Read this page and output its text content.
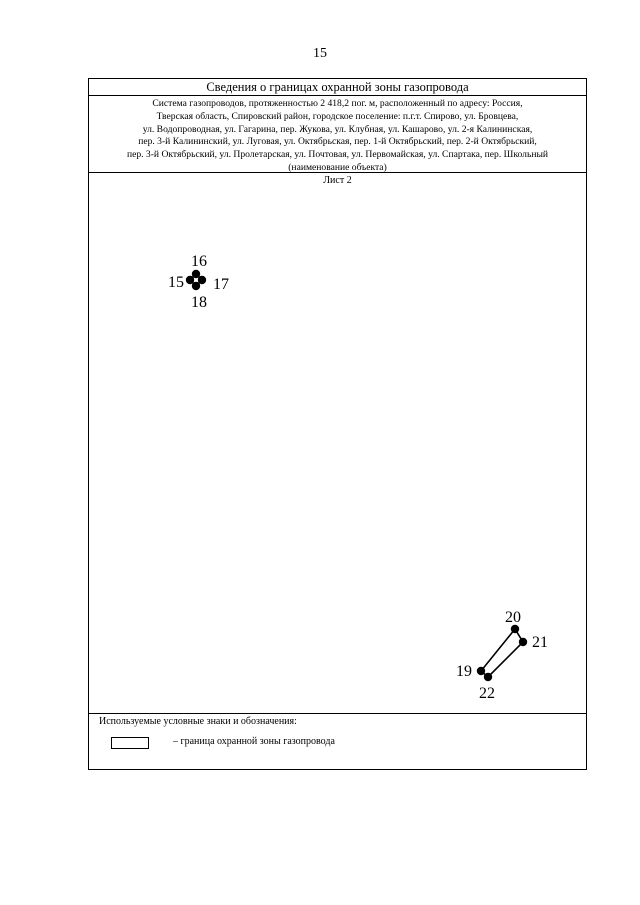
15
Сведения о границах охранной зоны газопровода
Система газопроводов, протяженностью 2 418,2 пог. м, расположенный по адресу: Россия,
Тверская область, Спировский район, городское поселение: п.г.т. Спирово, ул. Бровцева,
ул. Водопроводная, ул. Гагарина, пер. Жукова, ул. Клубная, ул. Кашарово, ул. 2-я Калининская,
пер. 3-й Калининский, ул. Луговая, ул. Октябрьская, пер. 1-й Октябрьский, пер. 2-й Октябрьский,
пер. 3-й Октябрьский, ул. Пролетарская, ул. Почтовая, ул. Первомайская, ул. Спартака, пер. Школьный
(наименование объекта)
Лист 2
16
15 17
18
20
21
19
22
Используемые условные знаки и обозначения:
– граница охранной зоны газопровода
